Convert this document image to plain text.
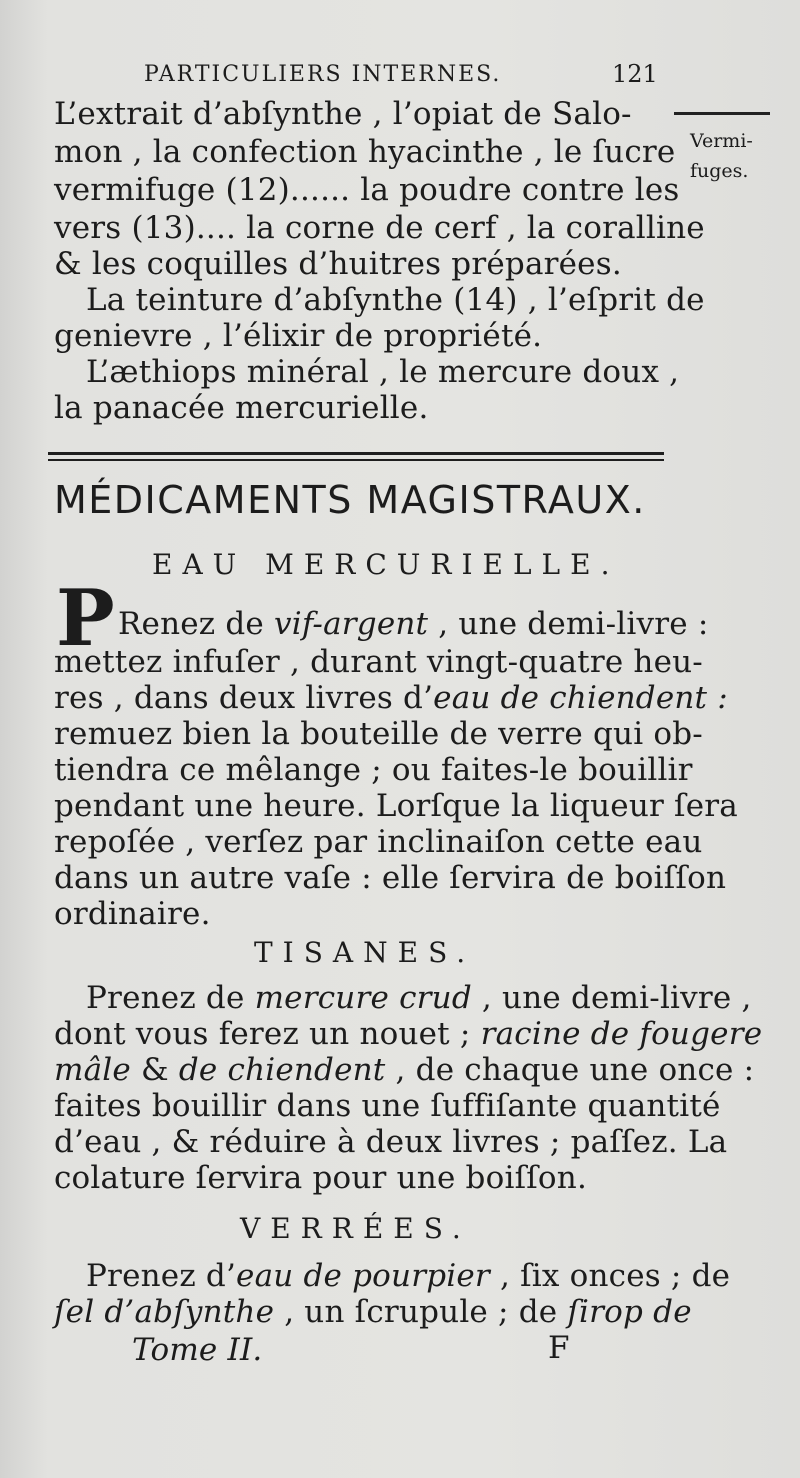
PARTICULIERS INTERNES.	121
Vermi-
fuges.
L’extrait d’abſynthe , l’opiat de Salo-
mon , la confection hyacinthe , le ſucre
vermifuge (12)...... la poudre contre les
vers (13).... la corne de cerf , la coralline
& les coquilles d’huitres préparées.
La teinture d’abſynthe (14) , l’eſprit de
genievre , l’élixir de propriété.
L’æthiops minéral , le mercure doux ,
la panacée mercurielle.
MÉDICAMENTS MAGISTRAUX.
EAU MERCURIELLE.
P Renez de vif-argent , une demi-livre :
mettez infuſer , durant vingt-quatre heu-
res , dans deux livres d’eau de chiendent :
remuez bien la bouteille de verre qui ob-
tiendra ce mêlange ; ou faites-le bouillir
pendant une heure. Lorſque la liqueur ſera
repoſée , verſez par inclinaiſon cette eau
dans un autre vaſe : elle ſervira de boiſſon
ordinaire.
TISANES.
Prenez de mercure crud , une demi-livre ,
dont vous ferez un nouet ; racine de fougere
mâle & de chiendent , de chaque une once :
faites bouillir dans une ſuffiſante quantité
d’eau , & réduire à deux livres ; paſſez. La
colature ſervira pour une boiſſon.
VERRÉES.
Prenez d’eau de pourpier , ſix onces ; de
ſel d’abſynthe , un ſcrupule ; de ſirop de
Tome II.	F
